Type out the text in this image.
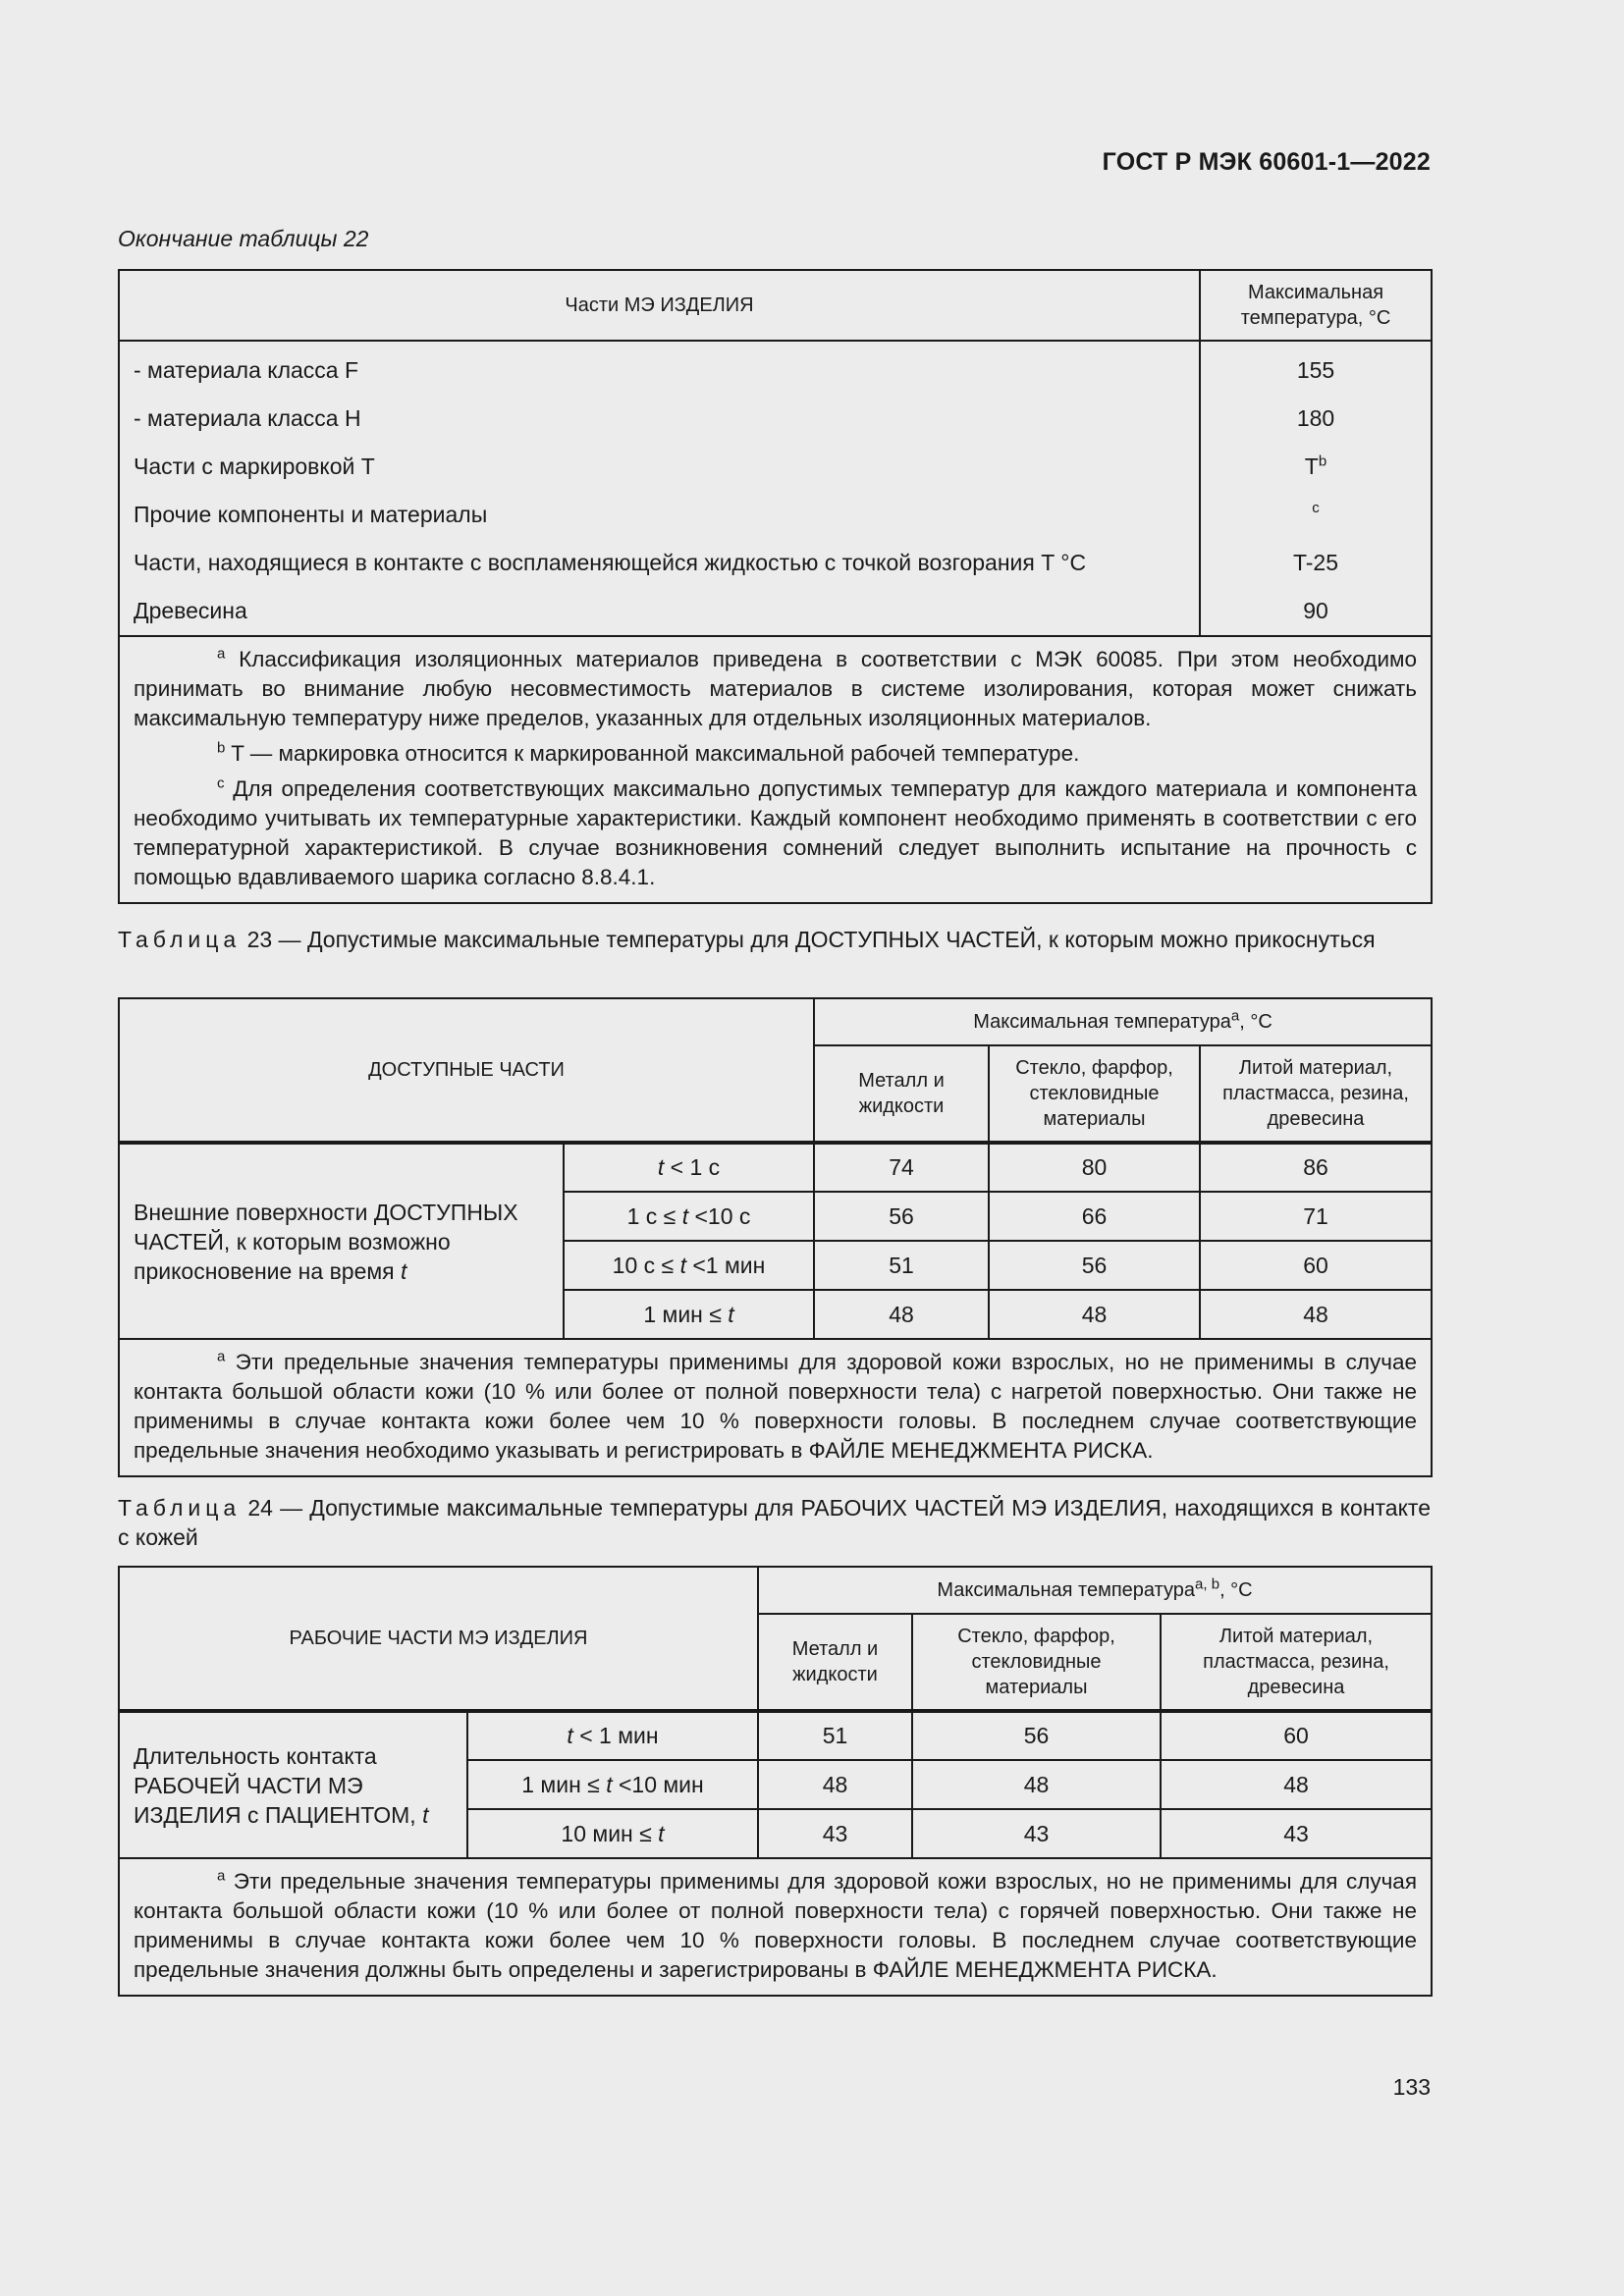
ГОСТ Р МЭК 60601-1—2022
Окончание таблицы 22
Части МЭ ИЗДЕЛИЯ	Максимальная температура, °C

- материала класса F	155
- материала класса H	180
Части с маркировкой T	$T^b$
Прочие компоненты и материалы	$^c$
Части, находящиеся в контакте с воспламеняющейся жидкостью с точкой возгорания T °C	T-25
Древесина	90

$^a$ Классификация изоляционных материалов приведена в соответствии с МЭК 60085. При этом необходимо принимать во внимание любую несовместимость материалов в системе изолирования, которая может снижать максимальную температуру ниже пределов, указанных для отдельных изоляционных материалов.

$^b$ T — маркировка относится к маркированной максимальной рабочей температуре.

$^c$ Для определения соответствующих максимально допустимых температур для каждого материала и компонента необходимо учитывать их температурные характеристики. Каждый компонент необходимо применять в соответствии с его температурной характеристикой. В случае возникновения сомнений следует выполнить испытание на прочность с помощью вдавливаемого шарика согласно 8.8.4.1.	

Таблица 23 — Допустимые максимальные температуры для ДОСТУПНЫХ ЧАСТЕЙ, к которым можно прикоснуться
ДОСТУПНЫЕ ЧАСТИ		Максимальная температура$^a$, °C		
		Металл и жидкости	Стекло, фарфор, стекловидные материалы	Литой материал, пластмасса, резина, древесина
Внешние поверхности ДОСТУПНЫХ ЧАСТЕЙ, к которым возможно прикосновение на время t	t < 1 с	74	80	86
	1 с ≤ t <10 с	56	66	71
	10 с ≤ t <1 мин	51	56	60
	1 мин ≤ t	48	48	48

$^a$ Эти предельные значения температуры применимы для здоровой кожи взрослых, но не применимы в случае контакта большой области кожи (10 % или более от полной поверхности тела) с нагретой поверхностью. Они также не применимы в случае контакта кожи более чем 10 % поверхности головы. В последнем случае соответствующие предельные значения необходимо указывать и регистрировать в ФАЙЛЕ МЕНЕДЖМЕНТА РИСКА.				

Таблица 24 — Допустимые максимальные температуры для РАБОЧИХ ЧАСТЕЙ МЭ ИЗДЕЛИЯ, находящихся в контакте с кожей
РАБОЧИЕ ЧАСТИ МЭ ИЗДЕЛИЯ		Максимальная температура$^{a, b}$, °C		
		Металл и жидкости	Стекло, фарфор, стекловидные материалы	Литой материал, пластмасса, резина, древесина
Длительность контакта РАБОЧЕЙ ЧАСТИ МЭ ИЗДЕЛИЯ с ПАЦИЕНТОМ, t	t < 1 мин	51	56	60
	1 мин ≤ t <10 мин	48	48	48
	10 мин ≤ t	43	43	43

$^a$ Эти предельные значения температуры применимы для здоровой кожи взрослых, но не применимы для случая контакта большой области кожи (10 % или более от полной поверхности тела) с горячей поверхностью. Они также не применимы в случае контакта кожи более чем 10 % поверхности головы. В последнем случае соответствующие предельные значения должны быть определены и зарегистрированы в ФАЙЛЕ МЕНЕДЖМЕНТА РИСКА.				

133
